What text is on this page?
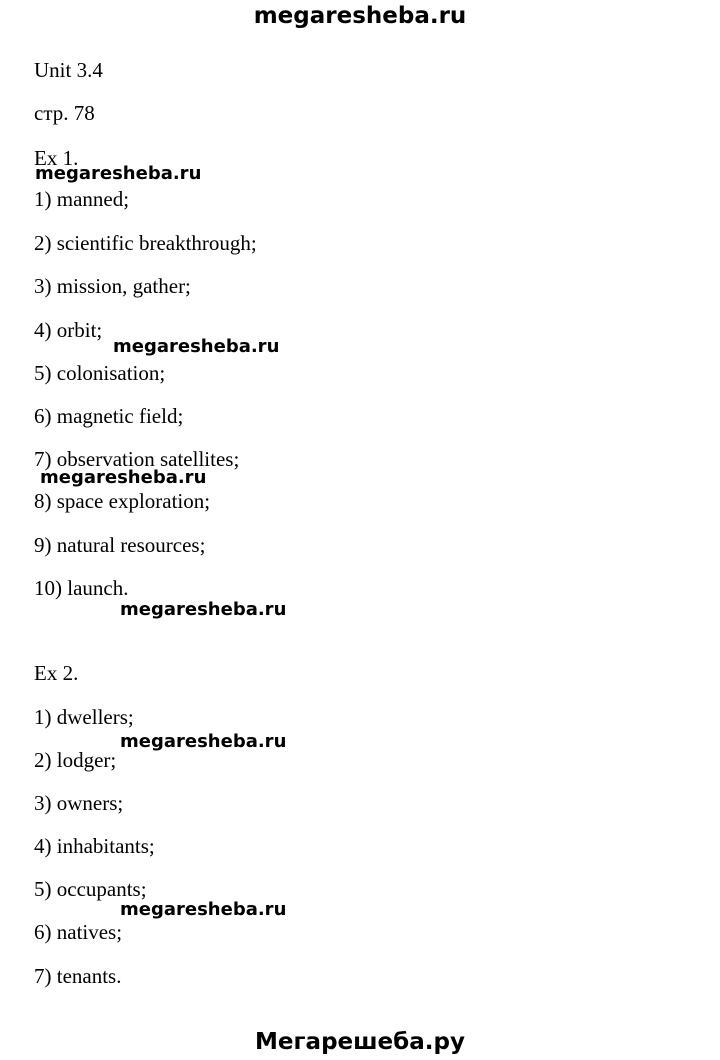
megaresheba.ru
Unit 3.4
стр. 78
Ex 1.
1) manned;
2) scientific breakthrough;
3) mission, gather;
4) orbit;
5) colonisation;
6) magnetic field;
7) observation satellites;
8) space exploration;
9) natural resources;
10) launch.
Ex 2.
1) dwellers;
2) lodger;
3) owners;
4) inhabitants;
5) occupants;
6) natives;
7) tenants.
megaresheba.ru
megaresheba.ru
megaresheba.ru
megaresheba.ru
megaresheba.ru
megaresheba.ru
Мегарешеба.ру
